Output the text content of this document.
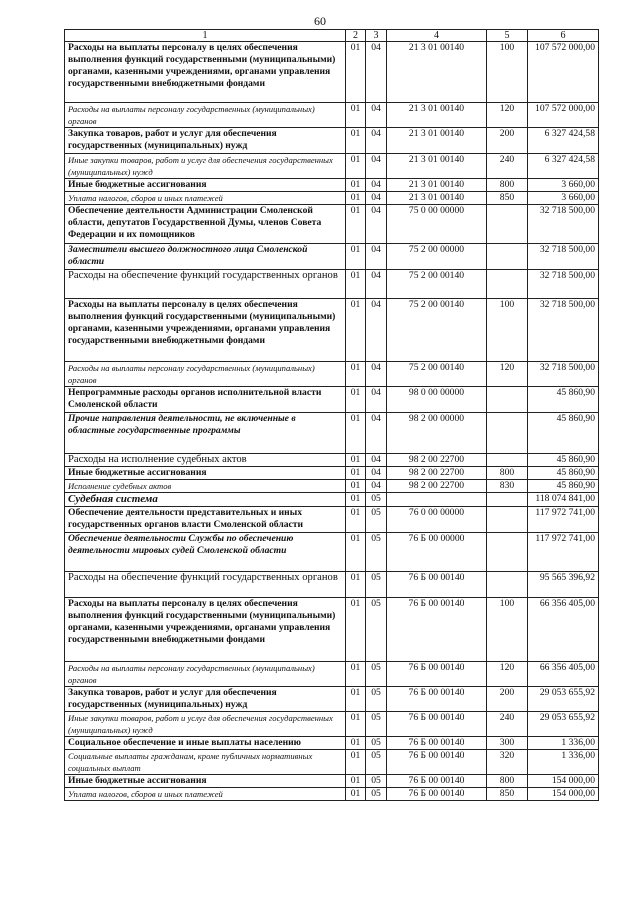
60
1	2	3	4	5	6
Расходы на выплаты персоналу в целях обеспечения выполнения функций государственными (муниципальными) органами, казенными учреждениями, органами управления государственными внебюджетными фондами	01	04	21 3 01 00140	100	107 572 000,00
Расходы на выплаты персоналу государственных (муниципальных) органов	01	04	21 3 01 00140	120	107 572 000,00
Закупка товаров, работ и услуг для обеспечения государственных (муниципальных) нужд	01	04	21 3 01 00140	200	6 327 424,58
Иные закупки товаров, работ и услуг для обеспечения государственных (муниципальных) нужд	01	04	21 3 01 00140	240	6 327 424,58
Иные бюджетные ассигнования	01	04	21 3 01 00140	800	3 660,00
Уплата налогов, сборов и иных платежей	01	04	21 3 01 00140	850	3 660,00
Обеспечение деятельности Администрации Смоленской области, депутатов Государственной Думы, членов Совета Федерации и их помощников	01	04	75 0 00 00000		32 718 500,00
Заместители высшего должностного лица Смоленской области	01	04	75 2 00 00000		32 718 500,00
Расходы на обеспечение функций государственных органов	01	04	75 2 00 00140		32 718 500,00
Расходы на выплаты персоналу в целях обеспечения выполнения функций государственными (муниципальными) органами, казенными учреждениями, органами управления государственными внебюджетными фондами	01	04	75 2 00 00140	100	32 718 500,00
Расходы на выплаты персоналу государственных (муниципальных) органов	01	04	75 2 00 00140	120	32 718 500,00
Непрограммные расходы органов исполнительной власти Смоленской области	01	04	98 0 00 00000		45 860,90
Прочие направления деятельности, не включенные в областные государственные программы	01	04	98 2 00 00000		45 860,90
Расходы на исполнение судебных актов	01	04	98 2 00 22700		45 860,90
Иные бюджетные ассигнования	01	04	98 2 00 22700	800	45 860,90
Исполнение судебных актов	01	04	98 2 00 22700	830	45 860,90
Судебная система	01	05			118 074 841,00
Обеспечение деятельности представительных и иных государственных органов власти Смоленской области	01	05	76 0 00 00000		117 972 741,00
Обеспечение деятельности Службы по обеспечению деятельности мировых судей Смоленской области	01	05	76 Б 00 00000		117 972 741,00
Расходы на обеспечение функций государственных органов	01	05	76 Б 00 00140		95 565 396,92
Расходы на выплаты персоналу в целях обеспечения выполнения функций государственными (муниципальными) органами, казенными учреждениями, органами управления государственными внебюджетными фондами	01	05	76 Б 00 00140	100	66 356 405,00
Расходы на выплаты персоналу государственных (муниципальных) органов	01	05	76 Б 00 00140	120	66 356 405,00
Закупка товаров, работ и услуг для обеспечения государственных (муниципальных) нужд	01	05	76 Б 00 00140	200	29 053 655,92
Иные закупки товаров, работ и услуг для обеспечения государственных (муниципальных) нужд	01	05	76 Б 00 00140	240	29 053 655,92
Социальное обеспечение и иные выплаты населению	01	05	76 Б 00 00140	300	1 336,00
Социальные выплаты гражданам, кроме публичных нормативных социальных выплат	01	05	76 Б 00 00140	320	1 336,00
Иные бюджетные ассигнования	01	05	76 Б 00 00140	800	154 000,00
Уплата налогов, сборов и иных платежей	01	05	76 Б 00 00140	850	154 000,00
